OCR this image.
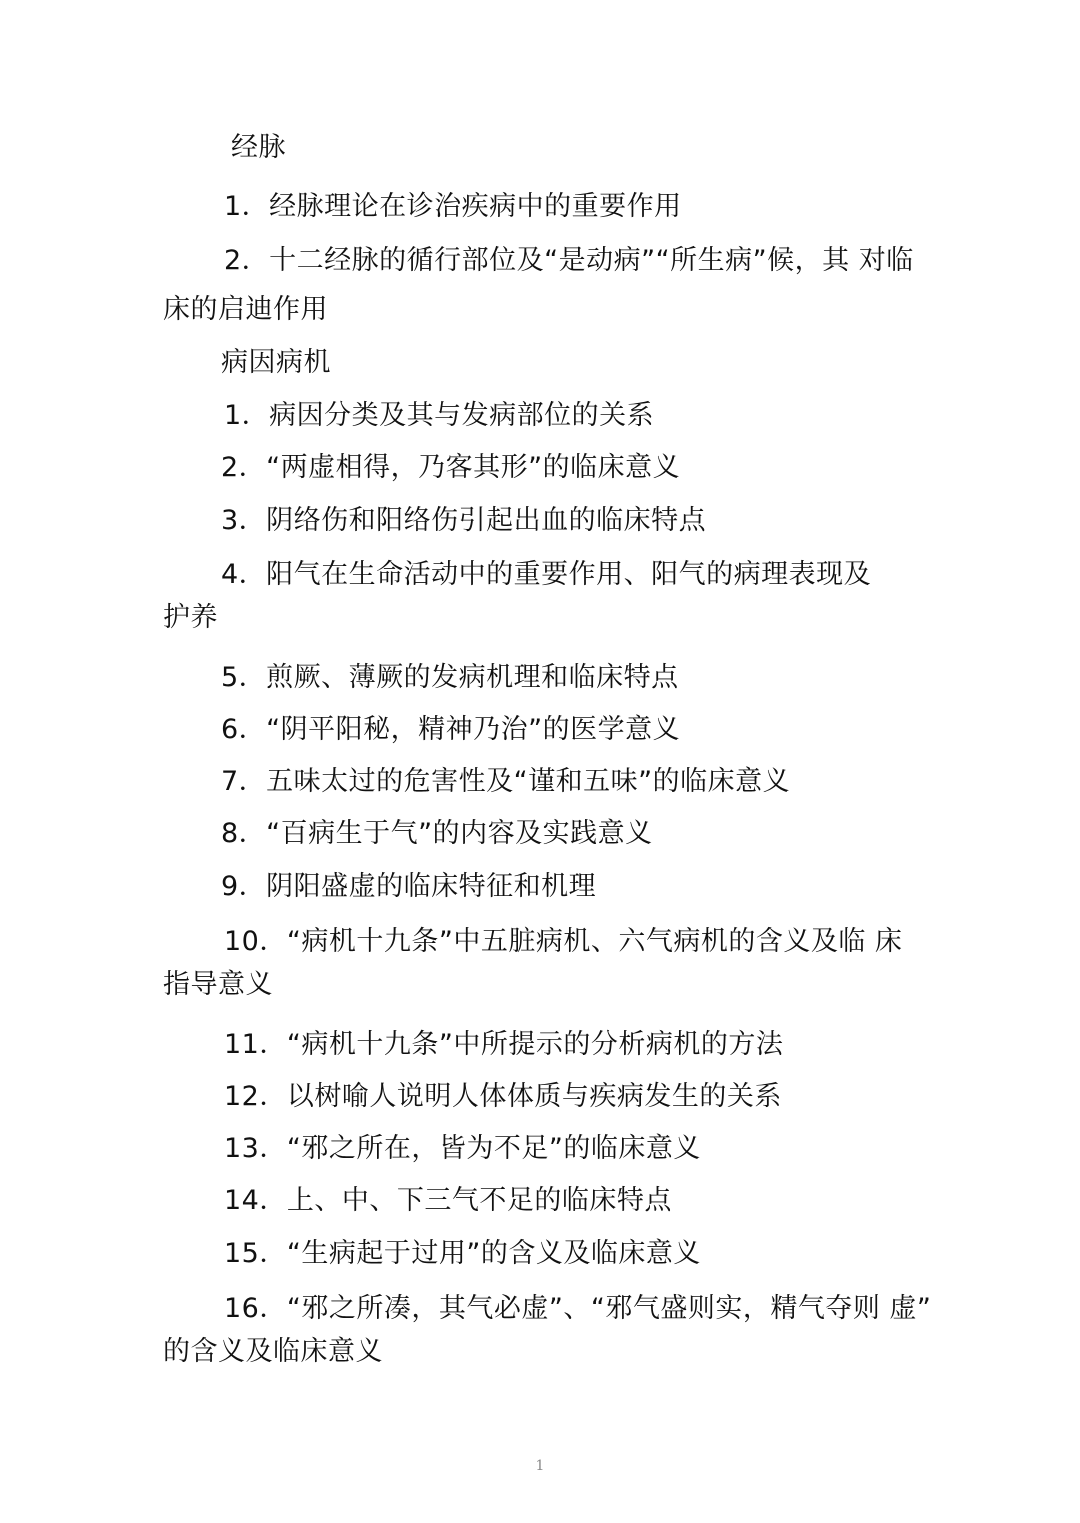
经脉
1．经脉理论在诊治疾病中的重要作用
2．十二经脉的循行部位及“是动病”“所生病”候，其 对临
床的启迪作用
病因病机
1．病因分类及其与发病部位的关系
2．“两虚相得，乃客其形”的临床意义
3．阴络伤和阳络伤引起出血的临床特点
4．阳气在生命活动中的重要作用、阳气的病理表现及
护养
5．煎厥、薄厥的发病机理和临床特点
6．“阴平阳秘，精神乃治”的医学意义
7．五味太过的危害性及“谨和五味”的临床意义
8．“百病生于气”的内容及实践意义
9．阴阳盛虚的临床特征和机理
10．“病机十九条”中五脏病机、六气病机的含义及临 床
指导意义
11．“病机十九条”中所提示的分析病机的方法
12．以树喻人说明人体体质与疾病发生的关系
13．“邪之所在，皆为不足”的临床意义
14．上、中、下三气不足的临床特点
15．“生病起于过用”的含义及临床意义
16．“邪之所凑，其气必虚”、“邪气盛则实，精气夺则 虚”
的含义及临床意义
1
